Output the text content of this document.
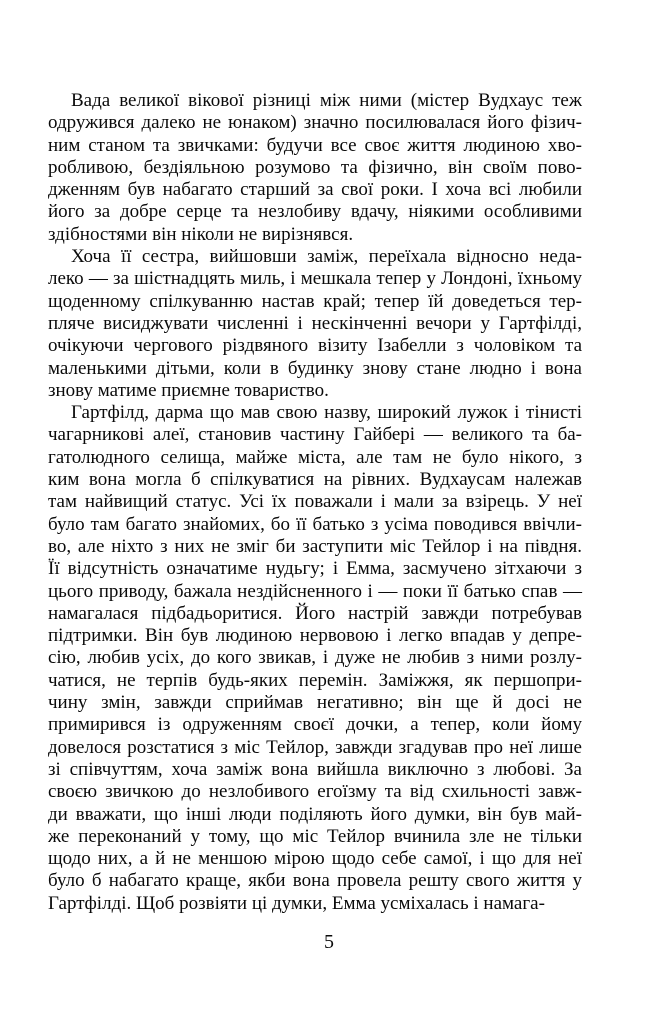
Вада великої вікової різниці між ними (містер Вудхаус теж
одружився далеко не юнаком) значно посилювалася його фізич-
ним станом та звичками: будучи все своє життя людиною хво-
робливою, бездіяльною розумово та фізично, він своїм пово-
дженням був набагато старший за свої роки. І хоча всі любили
його за добре серце та незлобиву вдачу, ніякими особливими
здібностями він ніколи не вирізнявся.
Хоча її сестра, вийшовши заміж, переїхала відносно неда-
леко — за шістнадцять миль, і мешкала тепер у Лондоні, їхньому
щоденному спілкуванню настав край; тепер їй доведеться тер-
пляче висиджувати численні і нескінченні вечори у Гартфілді,
очікуючи чергового різдвяного візиту Ізабелли з чоловіком та
маленькими дітьми, коли в будинку знову стане людно і вона
знову матиме приємне товариство.
Гартфілд, дарма що мав свою назву, широкий лужок і тінисті
чагарникові алеї, становив частину Гайбері — великого та ба-
гатолюдного селища, майже міста, але там не було нікого, з
ким вона могла б спілкуватися на рівних. Вудхаусам належав
там найвищий статус. Усі їх поважали і мали за взірець. У неї
було там багато знайомих, бо її батько з усіма поводився ввічли-
во, але ніхто з них не зміг би заступити міс Тейлор і на півдня.
Її відсутність означатиме нудьгу; і Емма, засмучено зітхаючи з
цього приводу, бажала нездійсненного і — поки її батько спав —
намагалася підбадьоритися. Його настрій завжди потребував
підтримки. Він був людиною нервовою і легко впадав у депре-
сію, любив усіх, до кого звикав, і дуже не любив з ними розлу-
чатися, не терпів будь-яких перемін. Заміжжя, як першопри-
чину змін, завжди сприймав негативно; він ще й досі не
примирився із одруженням своєї дочки, а тепер, коли йому
довелося розстатися з міс Тейлор, завжди згадував про неї лише
зі співчуттям, хоча заміж вона вийшла виключно з любові. За
своєю звичкою до незлобивого егоїзму та від схильності завж-
ди вважати, що інші люди поділяють його думки, він був май-
же переконаний у тому, що міс Тейлор вчинила зле не тільки
щодо них, а й не меншою мірою щодо себе самої, і що для неї
було б набагато краще, якби вона провела решту свого життя у
Гартфілді. Щоб розвіяти ці думки, Емма усміхалась і намага-
5
